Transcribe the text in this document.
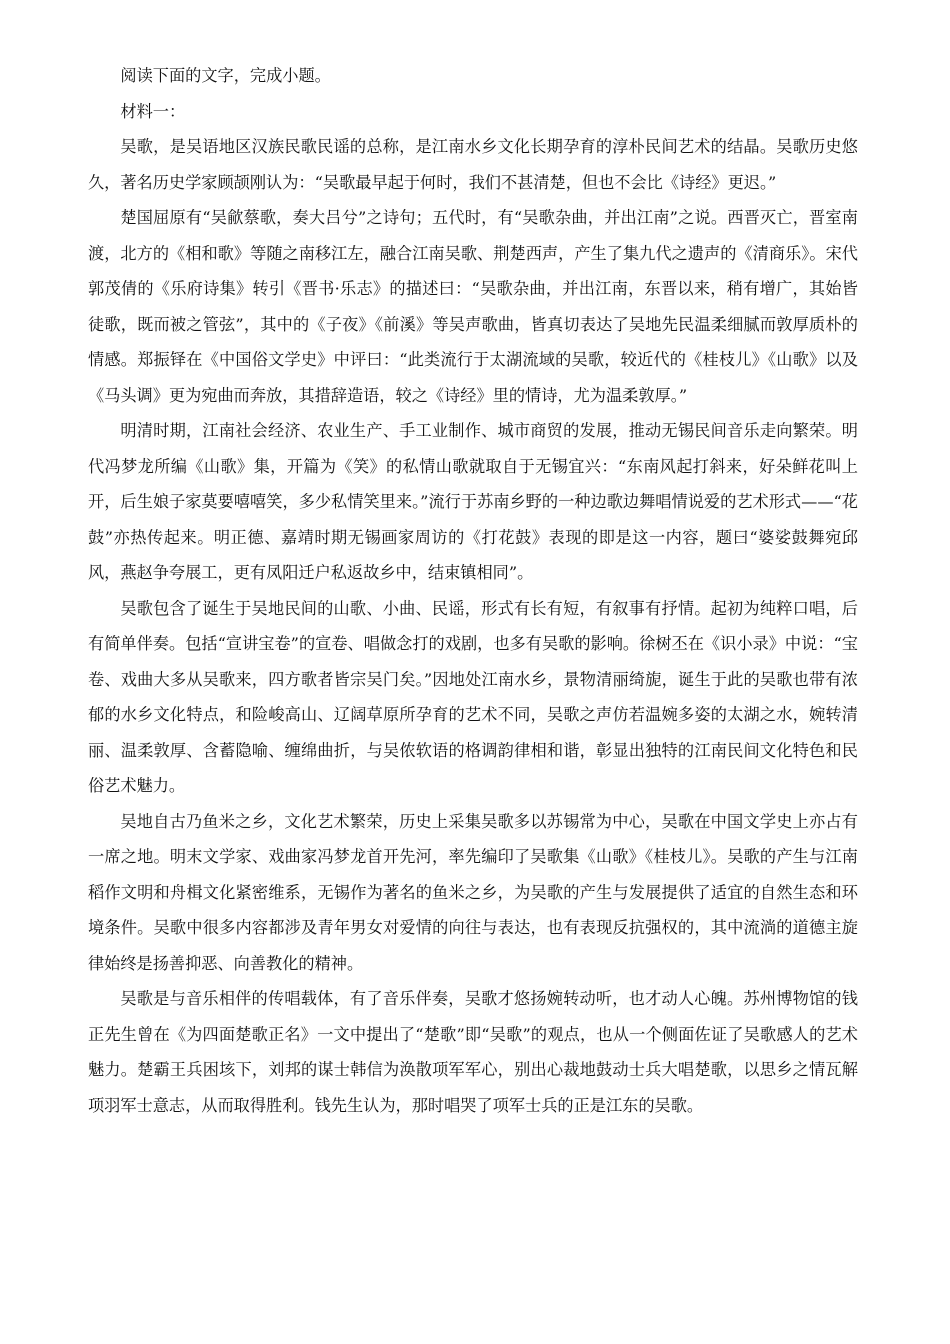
阅读下面的文字，完成小题。

材料一：

吴歌，是吴语地区汉族民歌民谣的总称，是江南水乡文化长期孕育的淳朴民间艺术的结晶。吴歌历史悠久，著名历史学家顾颉刚认为：“吴歌最早起于何时，我们不甚清楚，但也不会比《诗经》更迟。”

楚国屈原有“吴歈蔡歌，奏大吕兮”之诗句；五代时，有“吴歌杂曲，并出江南”之说。西晋灭亡，晋室南渡，北方的《相和歌》等随之南移江左，融合江南吴歌、荆楚西声，产生了集九代之遗声的《清商乐》。宋代郭茂倩的《乐府诗集》转引《晋书·乐志》的描述曰：“吴歌杂曲，并出江南，东晋以来，稍有增广，其始皆徒歌，既而被之管弦”，其中的《子夜》《前溪》等吴声歌曲，皆真切表达了吴地先民温柔细腻而敦厚质朴的情感。郑振铎在《中国俗文学史》中评曰：“此类流行于太湖流域的吴歌，较近代的《桂枝儿》《山歌》以及《马头调》更为宛曲而奔放，其措辞造语，较之《诗经》里的情诗，尤为温柔敦厚。”

明清时期，江南社会经济、农业生产、手工业制作、城市商贸的发展，推动无锡民间音乐走向繁荣。明代冯梦龙所编《山歌》集，开篇为《笑》的私情山歌就取自于无锡宜兴：“东南风起打斜来，好朵鲜花叫上开，后生娘子家莫要嘻嘻笑，多少私情笑里来。”流行于苏南乡野的一种边歌边舞唱情说爱的艺术形式——“花鼓”亦热传起来。明正德、嘉靖时期无锡画家周访的《打花鼓》表现的即是这一内容，题曰“婆娑鼓舞宛邱风，燕赵争夸展工，更有凤阳迁户私返故乡中，结束镇相同”。

吴歌包含了诞生于吴地民间的山歌、小曲、民谣，形式有长有短，有叙事有抒情。起初为纯粹口唱，后有简单伴奏。包括“宣讲宝卷”的宣卷、唱做念打的戏剧，也多有吴歌的影响。徐树丕在《识小录》中说：“宝卷、戏曲大多从吴歌来，四方歌者皆宗吴门矣。”因地处江南水乡，景物清丽绮旎，诞生于此的吴歌也带有浓郁的水乡文化特点，和险峻高山、辽阔草原所孕育的艺术不同，吴歌之声仿若温婉多姿的太湖之水，婉转清丽、温柔敦厚、含蓄隐喻、缠绵曲折，与吴侬软语的格调韵律相和谐，彰显出独特的江南民间文化特色和民俗艺术魅力。

吴地自古乃鱼米之乡，文化艺术繁荣，历史上采集吴歌多以苏锡常为中心，吴歌在中国文学史上亦占有一席之地。明末文学家、戏曲家冯梦龙首开先河，率先编印了吴歌集《山歌》《桂枝儿》。吴歌的产生与江南稻作文明和舟楫文化紧密维系，无锡作为著名的鱼米之乡，为吴歌的产生与发展提供了适宜的自然生态和环境条件。吴歌中很多内容都涉及青年男女对爱情的向往与表达，也有表现反抗强权的，其中流淌的道德主旋律始终是扬善抑恶、向善教化的精神。

吴歌是与音乐相伴的传唱载体，有了音乐伴奏，吴歌才悠扬婉转动听，也才动人心魄。苏州博物馆的钱正先生曾在《为四面楚歌正名》一文中提出了“楚歌”即“吴歌”的观点，也从一个侧面佐证了吴歌感人的艺术魅力。楚霸王兵困垓下，刘邦的谋士韩信为涣散项军军心，别出心裁地鼓动士兵大唱楚歌，以思乡之情瓦解项羽军士意志，从而取得胜利。钱先生认为，那时唱哭了项军士兵的正是江东的吴歌。
